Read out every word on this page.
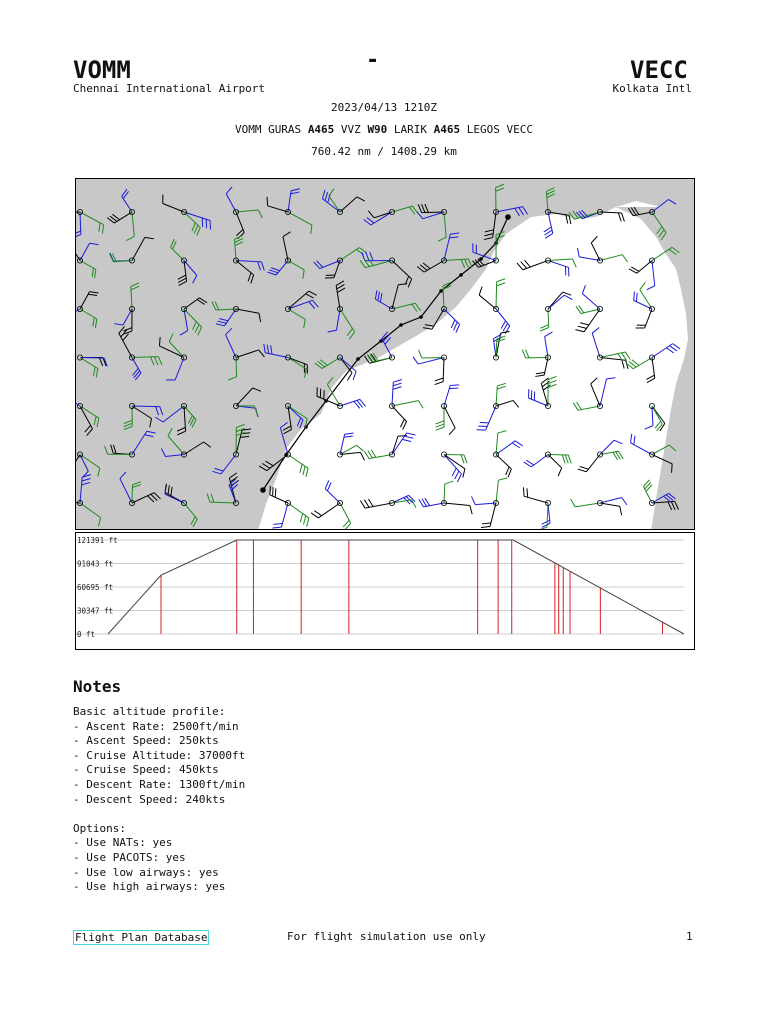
VOMM	VECC
-
Chennai International Airport	Kolkata Intl
2023/04/13 1210Z
VOMM GURAS A465 VVZ W90 LARIK A465 LEGOS VECC
760.42 nm / 1408.29 km
121391 ft
91043 ft
60695 ft
30347 ft
0 ft
Notes
Basic altitude profile:
- Ascent Rate: 2500ft/min
- Ascent Speed: 250kts
- Cruise Altitude: 37000ft
- Cruise Speed: 450kts
- Descent Rate: 1300ft/min
- Descent Speed: 240kts
Options:
- Use NATs: yes
- Use PACOTS: yes
- Use low airways: yes
- Use high airways: yes
Flight Plan Database	For flight simulation use only	1
